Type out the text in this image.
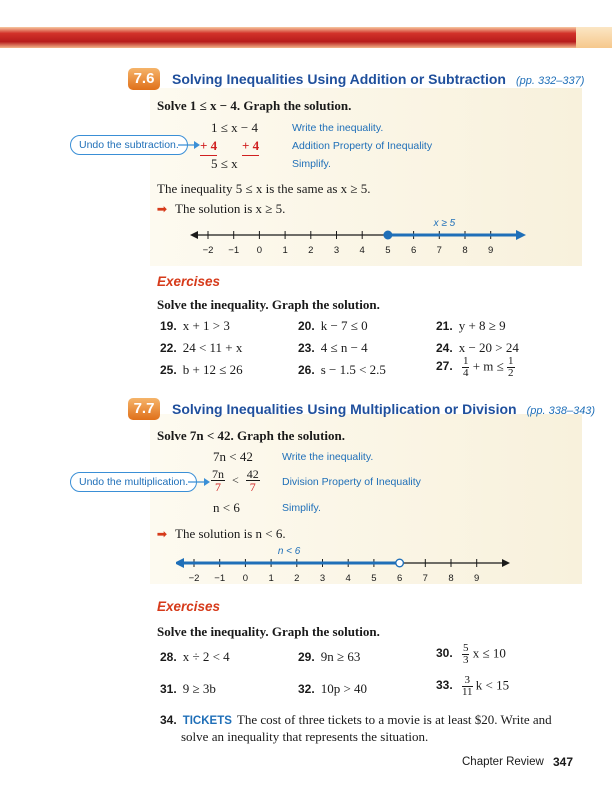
7.6	Solving Inequalities Using Addition or Subtraction (pp. 332–337)
Solve 1 ≤ x − 4. Graph the solution.
1 ≤ x − 4
+ 4 + 4
5 ≤ x
Write the inequality.
Addition Property of Inequality
Simplify.
Undo the subtraction.
The inequality 5 ≤ x is the same as x ≥ 5.
➟ The solution is x ≥ 5.
−2 −1 0 1 2 3 4 5 6 7 8 9
x ≥ 5
Exercises
Solve the inequality. Graph the solution.
19. x + 1 > 3	20. k − 7 ≤ 0	21. y + 8 ≥ 9
22. 24 < 11 + x	23. 4 ≤ n − 4	24. x − 20 > 24
25. b + 12 ≤ 26	26. s − 1.5 < 2.5	27. $\frac{1}{4} + m \le \frac{1}{2}$
7.7	Solving Inequalities Using Multiplication or Division (pp. 338–343)
Solve 7n < 42. Graph the solution.
7n < 42
$\frac{7n}{7} < \frac{42}{7}$
n < 6
Write the inequality.
Division Property of Inequality
Simplify.
Undo the multiplication.
➟ The solution is n < 6.
−2 −1 0 1 2 3 4 5 6 7 8 9
n < 6
Exercises
Solve the inequality. Graph the solution.
28. x ÷ 2 < 4	29. 9n ≥ 63	30. $\frac{5}{3}$ x ≤ 10
31. 9 ≥ 3b	32. 10p > 40	33. $\frac{3}{11}$ k < 15
34. TICKETS The cost of three tickets to a movie is at least $20. Write and
solve an inequality that represents the situation.
Chapter Review 347
